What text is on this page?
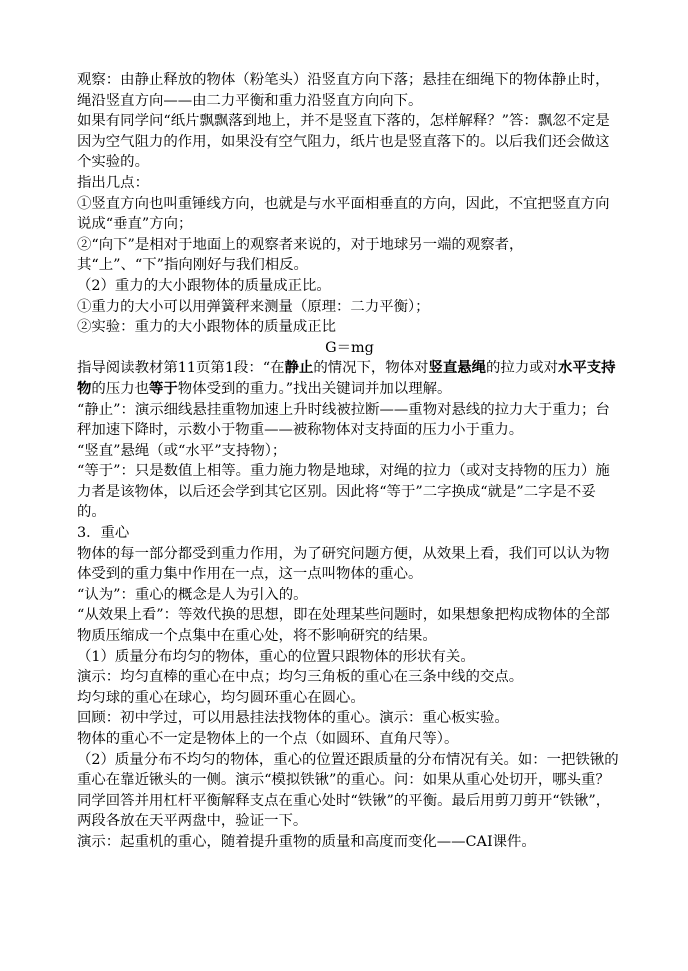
观察：由静止释放的物体（粉笔头）沿竖直方向下落；悬挂在细绳下的物体静止时，绳沿竖直方向——由二力平衡和重力沿竖直方向向下。

如果有同学问“纸片飘飘落到地上，并不是竖直下落的，怎样解释？”答：飘忽不定是因为空气阻力的作用，如果没有空气阻力，纸片也是竖直落下的。以后我们还会做这个实验的。

指出几点：

①竖直方向也叫重锤线方向，也就是与水平面相垂直的方向，因此，不宜把竖直方向说成“垂直”方向；

②“向下”是相对于地面上的观察者来说的，对于地球另一端的观察者，其“上”、“下”指向刚好与我们相反。

（2）重力的大小跟物体的质量成正比。

①重力的大小可以用弹簧秤来测量（原理：二力平衡）；

②实验：重力的大小跟物体的质量成正比

G＝mg

指导阅读教材第11页第1段：“在静止的情况下，物体对竖直悬绳的拉力或对水平支持物的压力也等于物体受到的重力。”找出关键词并加以理解。

“静止”：演示细线悬挂重物加速上升时线被拉断——重物对悬线的拉力大于重力；台秤加速下降时，示数小于物重——被称物体对支持面的压力小于重力。

“竖直”悬绳（或“水平”支持物）；

“等于”：只是数值上相等。重力施力物是地球，对绳的拉力（或对支持物的压力）施力者是该物体，以后还会学到其它区别。因此将“等于”二字换成“就是”二字是不妥的。

3．重心

物体的每一部分都受到重力作用，为了研究问题方便，从效果上看，我们可以认为物体受到的重力集中作用在一点，这一点叫物体的重心。

“认为”：重心的概念是人为引入的。

“从效果上看”：等效代换的思想，即在处理某些问题时，如果想象把构成物体的全部物质压缩成一个点集中在重心处，将不影响研究的结果。

（1）质量分布均匀的物体，重心的位置只跟物体的形状有关。

演示：均匀直棒的重心在中点；均匀三角板的重心在三条中线的交点。

均匀球的重心在球心，均匀圆环重心在圆心。

回顾：初中学过，可以用悬挂法找物体的重心。演示：重心板实验。

物体的重心不一定是物体上的一个点（如圆环、直角尺等）。

（2）质量分布不均匀的物体，重心的位置还跟质量的分布情况有关。如：一把铁锹的重心在靠近锹头的一侧。演示“模拟铁锹”的重心。问：如果从重心处切开，哪头重？同学回答并用杠杆平衡解释支点在重心处时“铁锹”的平衡。最后用剪刀剪开“铁锹”，两段各放在天平两盘中，验证一下。

演示：起重机的重心，随着提升重物的质量和高度而变化——CAI课件。
